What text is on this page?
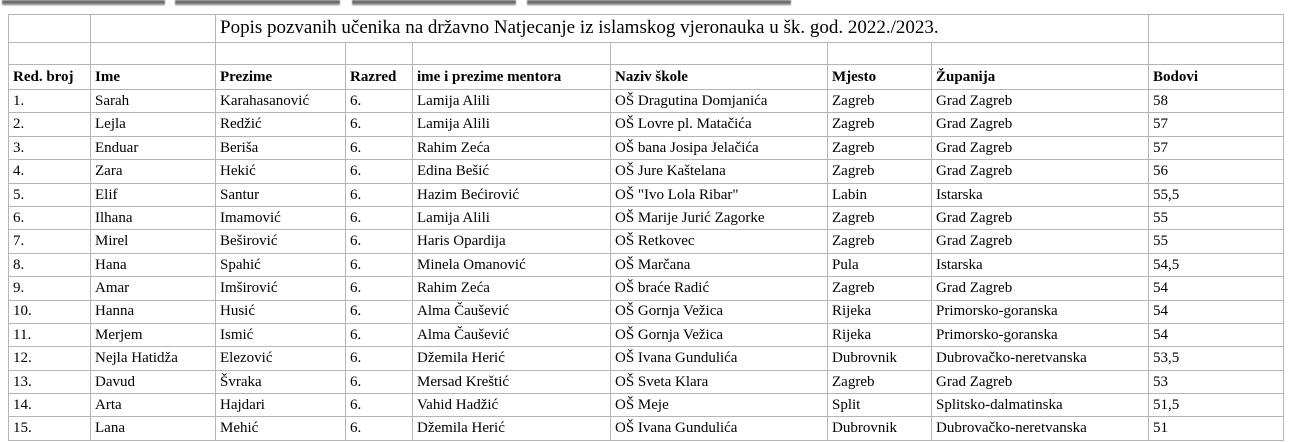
		Popis pozvanih učenika na državno Natjecanje iz islamskog vjeronauka u šk. god. 2022./2023.						

Red. broj	Ime	Prezime	Razred	ime i prezime mentora	Naziv škole	Mjesto	Županija	Bodovi
1.	Sarah	Karahasanović	6.	Lamija Alili	OŠ Dragutina Domjanića	Zagreb	Grad Zagreb	58
2.	Lejla	Redžić	6.	Lamija Alili	OŠ Lovre pl. Matačića	Zagreb	Grad Zagreb	57
3.	Enduar	Beriša	6.	Rahim Zeća	OŠ bana Josipa Jelačića	Zagreb	Grad Zagreb	57
4.	Zara	Hekić	6.	Edina Bešić	OŠ Jure Kaštelana	Zagreb	Grad Zagreb	56
5.	Elif	Santur	6.	Hazim Bećirović	OŠ "Ivo Lola Ribar"	Labin	Istarska	55,5
6.	Ilhana	Imamović	6.	Lamija Alili	OŠ Marije Jurić Zagorke	Zagreb	Grad Zagreb	55
7.	Mirel	Beširović	6.	Haris Opardija	OŠ Retkovec	Zagreb	Grad Zagreb	55
8.	Hana	Spahić	6.	Minela Omanović	OŠ Marčana	Pula	Istarska	54,5
9.	Amar	Imširović	6.	Rahim Zeća	OŠ braće Radić	Zagreb	Grad Zagreb	54
10.	Hanna	Husić	6.	Alma Čaušević	OŠ Gornja Vežica	Rijeka	Primorsko-goranska	54
11.	Merjem	Ismić	6.	Alma Čaušević	OŠ Gornja Vežica	Rijeka	Primorsko-goranska	54
12.	Nejla Hatidža	Elezović	6.	Džemila Herić	OŠ Ivana Gundulića	Dubrovnik	Dubrovačko-neretvanska	53,5
13.	Davud	Švraka	6.	Mersad Kreštić	OŠ Sveta Klara	Zagreb	Grad Zagreb	53
14.	Arta	Hajdari	6.	Vahid Hadžić	OŠ Meje	Split	Splitsko-dalmatinska	51,5
15.	Lana	Mehić	6.	Džemila Herić	OŠ Ivana Gundulića	Dubrovnik	Dubrovačko-neretvanska	51
